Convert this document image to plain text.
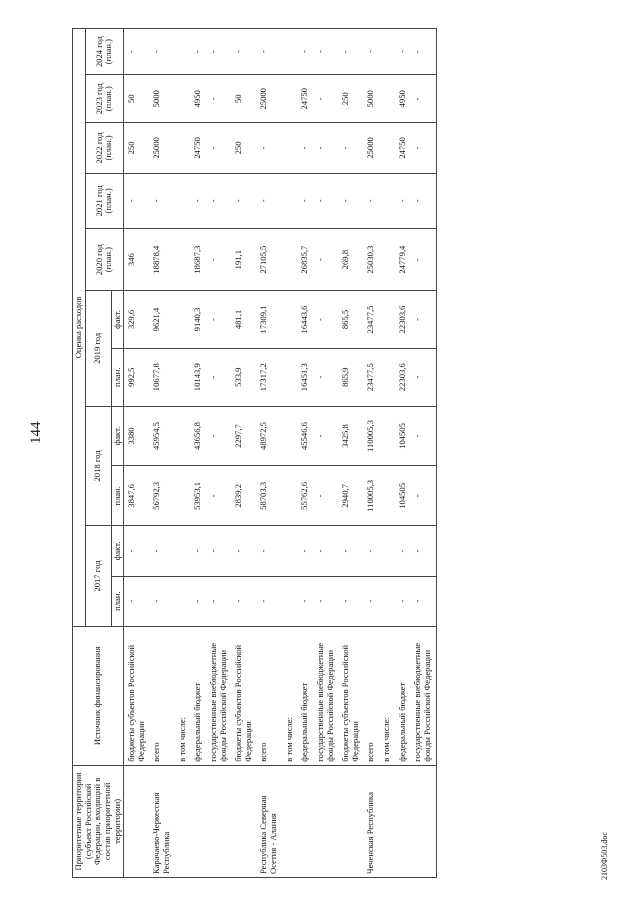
144
Приоритетные территории (субъект Российской Федерации, входящий в состав приоритетной территории)	Источник финансирования	Оценка расходов										
		2017 год		2018 год		2019 год		2020 год (план.)	2021 год (план.)	2022 год (план.)	2023 год (план.)	2024 год (план.)
		план.	факт.	план.	факт.	план.	факт.					
	бюджеты субъектов Российской Федерации	-	-	3847,6	3380	992,5	329,6	346	-	250	50	-
Карачаево-Черкесская Республика	всего	-	-	56792,3	45954,5	10677,8	9621,4	18878,4	-	25000	5000	-
	в том числе:											
	федеральный бюджет	-	-	53953,1	43656,8	10143,9	9140,3	18687,3	-	24750	4950	-
	государственные внебюджетные фонды Российской Федерации	-	-	-	-	-	-	-	-	-	-	-
	бюджеты субъектов Российской Федерации	-	-	2839,2	2297,7	533,9	481,1	191,1	-	250	50	-
Республика Северная Осетия - Алания	всего	-	-	58703,3	48972,5	17317,2	17309,1	27105,5	-	-	25000	-
	в том числе:											
	федеральный бюджет	-	-	55762,6	45546,6	16451,3	16443,6	26835,7	-	-	24750	-
	государственные внебюджетные фонды Российской Федерации	-	-	-	-	-	-	-	-	-	-	-
	бюджеты субъектов Российской Федерации	-	-	2940,7	3425,8	865,9	865,5	269,8	-	-	250	-
Чеченская Республика	всего	-	-	110005,3	110005,3	23477,5	23477,5	25030,3	-	25000	5000	-
	в том числе:											
	федеральный бюджет	-	-	104505	104505	22303,6	22303,6	24779,4	-	24750	4950	-
	государственные внебюджетные фонды Российской Федерации	-	-	-	-	-	-	-	-	-	-	-
2103Ф503.doc
